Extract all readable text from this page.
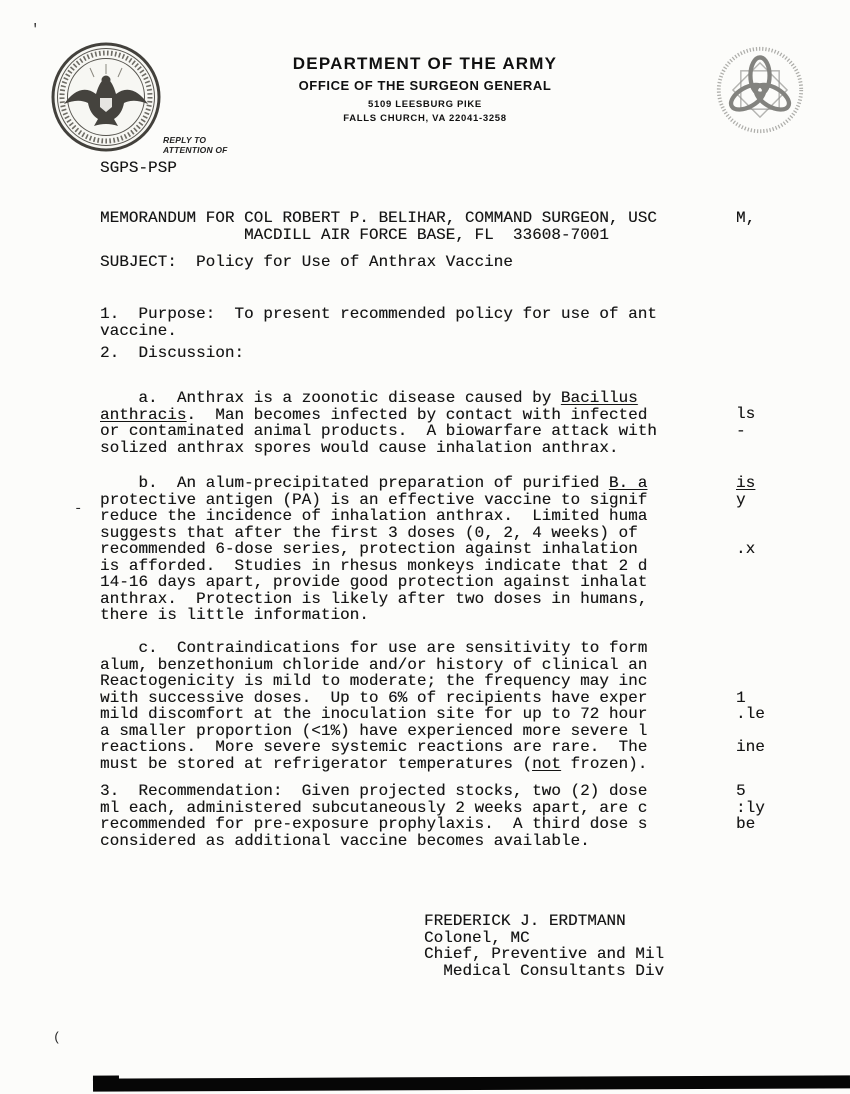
'
DEPARTMENT OF THE ARMY
OFFICE OF THE SURGEON GENERAL
5109 LEESBURG PIKE
FALLS CHURCH, VA 22041-3258
REPLY TO
ATTENTION OF
SGPS-PSP
MEMORANDUM FOR COL ROBERT P. BELIHAR, COMMAND SURGEON, USC
MACDILL AIR FORCE BASE, FL  33608-7001
SUBJECT:  Policy for Use of Anthrax Vaccine
1.  Purpose:  To present recommended policy for use of ant
vaccine.
2.  Discussion:
a.  Anthrax is a zoonotic disease caused by Bacillus
anthracis.  Man becomes infected by contact with infected
or contaminated animal products.  A biowarfare attack with
solized anthrax spores would cause inhalation anthrax.
b.  An alum-precipitated preparation of purified B. a
protective antigen (PA) is an effective vaccine to signif
reduce the incidence of inhalation anthrax.  Limited huma
suggests that after the first 3 doses (0, 2, 4 weeks) of
recommended 6-dose series, protection against inhalation
is afforded.  Studies in rhesus monkeys indicate that 2 d
14-16 days apart, provide good protection against inhalat
anthrax.  Protection is likely after two doses in humans,
there is little information.
c.  Contraindications for use are sensitivity to form
alum, benzethonium chloride and/or history of clinical an
Reactogenicity is mild to moderate; the frequency may inc
with successive doses.  Up to 6% of recipients have exper
mild discomfort at the inoculation site for up to 72 hour
a smaller proportion (<1%) have experienced more severe l
reactions.  More severe systemic reactions are rare.  The
must be stored at refrigerator temperatures (not frozen).
3.  Recommendation:  Given projected stocks, two (2) dose
ml each, administered subcutaneously 2 weeks apart, are c
recommended for pre-exposure prophylaxis.  A third dose s
considered as additional vaccine becomes available.
FREDERICK J. ERDTMANN
Colonel, MC
Chief, Preventive and Mil
Medical Consultants Div
M,
ls
-
is
y
.x
1
.le
ine
5
:ly
be
-
(
